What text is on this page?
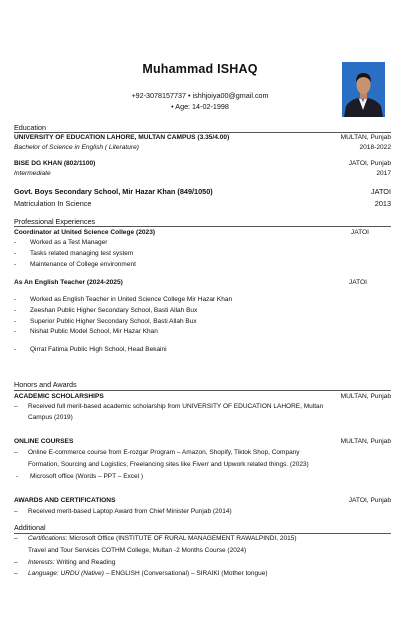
Muhammad ISHAQ
+92-3078157737 • ishhjoiya00@gmail.com
• Age: 14-02-1998
Education
UNIVERSITY OF EDUCATION LAHORE, MULTAN CAMPUS (3.35/4.00)	MULTAN, Punjab
Bachelor of Science in English ( Literature)	2018-2022
BISE DG KHAN (802/1100)	JATOI, Punjab
Intermediate	2017
Govt. Boys Secondary School, Mir Hazar Khan (849/1050)	JATOI
Matriculation In Science	2013
Professional Experiences
Coordinator at United Science College (2023)	JATOI
- Worked as a Test Manager
- Tasks related managing test system
- Maintenance of College environment
As An English Teacher (2024-2025)	JATOI
- Worked as English Teacher in United Science College Mir Hazar Khan
- Zeeshan Public Higher Secondary School, Basti Allah Bux
- Superior Public Higher Secondary School, Basti Allah Bux
- Nishat Public Model School, Mir Hazar Khan
- Qirrat Fatima Public High School, Head Bekaini
Honors and Awards
ACADEMIC SCHOLARSHIPS	MULTAN, Punjab
– Received full merit-based academic scholarship from UNIVERSITY OF EDUCATION LAHORE, Multan
Campus (2019)
ONLINE COURSES	MULTAN, Punjab
– Online E-commerce course from E-rozgar Program – Amazon, Shopify, Tiktok Shop, Company
Formation, Sourcing and Logistics, Freelancing sites like Fiverr and Upwork related things. (2023)
- Microsoft office (Words – PPT – Excel )
AWARDS AND CERTIFICATIONS	JATOI, Punjab
– Received merit-based Laptop Award from Chief Minister Punjab (2014)
Additional
– Certifications: Microsoft Office (INSTITUTE OF RURAL MANAGEMENT RAWALPINDI, 2015)
Travel and Tour Services COTHM College, Multan -2 Months Course (2024)
– Interests: Writing and Reading
– Language: URDU (Native) – ENGLISH (Conversational) – SIRAIKI (Mother tongue)
